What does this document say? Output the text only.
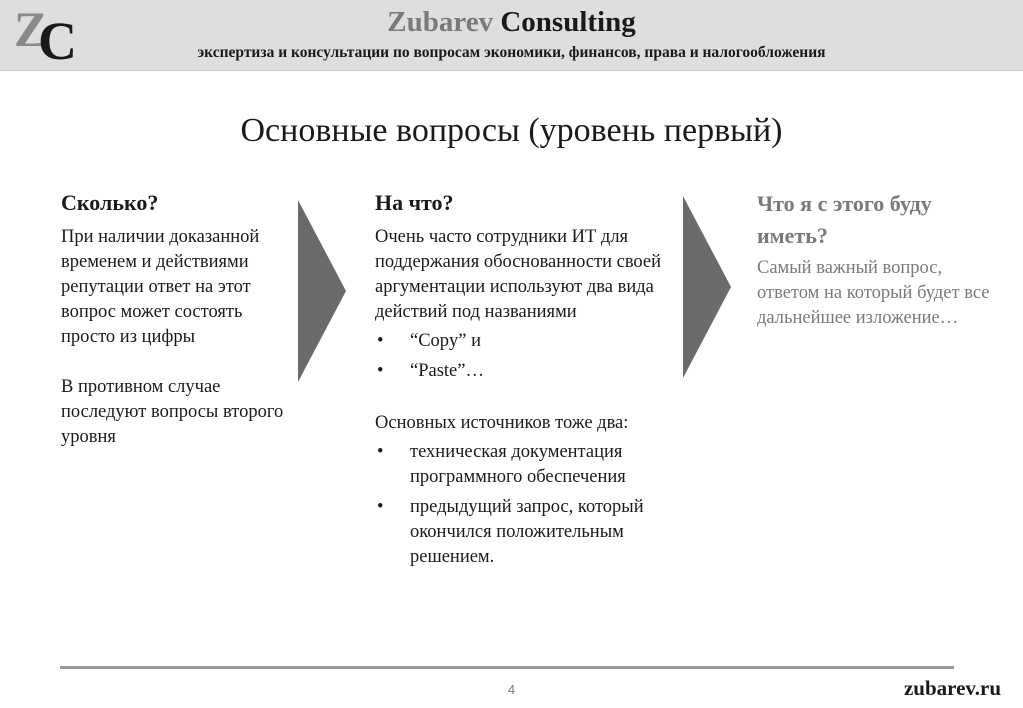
Z
C	Zubarev Consulting
экспертиза и консультации по вопросам экономики, финансов, права и налогообложения
Основные вопросы (уровень первый)
Сколько?

При наличии доказанной временем и действиями репутации ответ на этот вопрос может состоять просто из цифры

В противном случае последуют вопросы второго уровня

На что?

Очень часто сотрудники ИТ для поддержания обоснованности своей аргументации используют два вида действий под названиями

• “Copy” и
• “Paste”…

Основных источников тоже два:

• техническая документация программного обеспечения
• предыдущий запрос, который окончился положительным решением.
Что я с этого буду иметь?

Самый важный вопрос, ответом на который будет все дальнейшее изложение…

4	zubarev.ru
